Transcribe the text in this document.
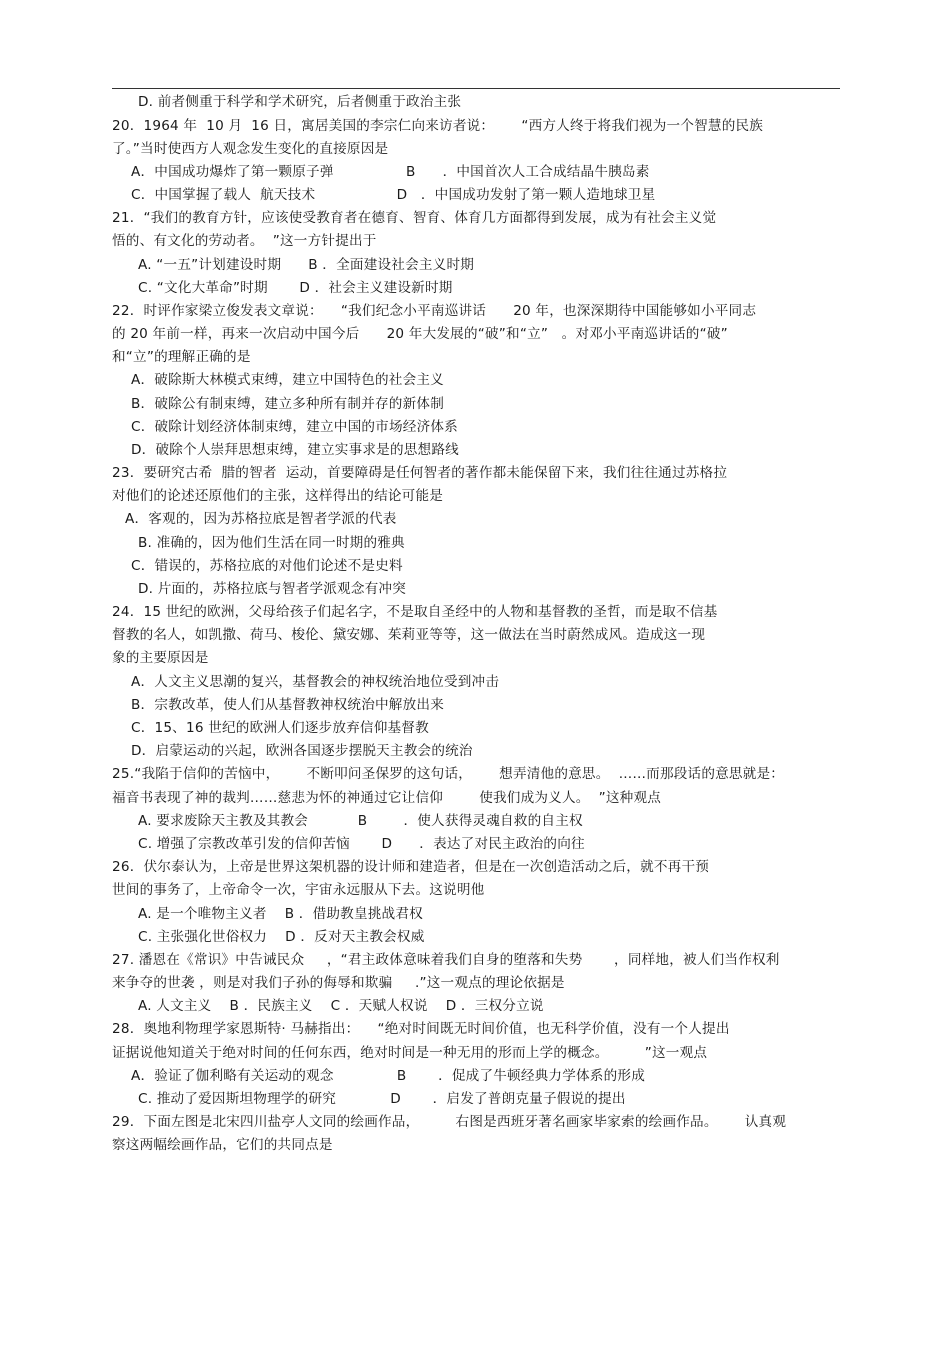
D. 前者侧重于科学和学术研究，后者侧重于政治主张
20．1964 年  10 月  16 日，寓居美国的李宗仁向来访者说：      “西方人终于将我们视为一个智慧的民族
了。”当时使西方人观念发生变化的直接原因是
A．中国成功爆炸了第一颗原子弹                B      ．中国首次人工合成结晶牛胰岛素
C．中国掌握了载人  航天技术                  D   ．中国成功发射了第一颗人造地球卫星
21．“我们的教育方针，应该使受教育者在德育、智育、体育几方面都得到发展，成为有社会主义觉
悟的、有文化的劳动者。  ”这一方针提出于
A. “一五”计划建设时期      B ．全面建设社会主义时期
C. “文化大革命”时期       D ．社会主义建设新时期
22．时评作家梁立俊发表文章说：    “我们纪念小平南巡讲话      20 年，也深深期待中国能够如小平同志
的 20 年前一样，再来一次启动中国今后      20 年大发展的“破”和“立”   。对邓小平南巡讲话的“破”
和“立”的理解正确的是
A．破除斯大林模式束缚，建立中国特色的社会主义
B．破除公有制束缚，建立多种所有制并存的新体制
C．破除计划经济体制束缚，建立中国的市场经济体系
D．破除个人崇拜思想束缚，建立实事求是的思想路线
23．要研究古希  腊的智者  运动，首要障碍是任何智者的著作都未能保留下来，我们往往通过苏格拉
对他们的论述还原他们的主张，这样得出的结论可能是
A．客观的，因为苏格拉底是智者学派的代表
B. 准确的，因为他们生活在同一时期的雅典
C．错误的，苏格拉底的对他们论述不是史料
D. 片面的，苏格拉底与智者学派观念有冲突
24．15 世纪的欧洲，父母给孩子们起名字，不是取自圣经中的人物和基督教的圣哲，而是取不信基
督教的名人，如凯撒、荷马、梭伦、黛安娜、茱莉亚等等，这一做法在当时蔚然成风。造成这一现
象的主要原因是
A．人文主义思潮的复兴，基督教会的神权统治地位受到冲击
B．宗教改革，使人们从基督教神权统治中解放出来
C．15、16 世纪的欧洲人们逐步放弃信仰基督教
D．启蒙运动的兴起，欧洲各国逐步摆脱天主教会的统治
25.“我陷于信仰的苦恼中，      不断叩问圣保罗的这句话，      想弄清他的意思。  ……而那段话的意思就是：
福音书表现了神的裁判……慈悲为怀的神通过它让信仰        使我们成为义人。  ”这种观点
A. 要求废除天主教及其教会           B        ．使人获得灵魂自救的自主权
C. 增强了宗教改革引发的信仰苦恼       D      ．表达了对民主政治的向往
26．伏尔泰认为，上帝是世界这架机器的设计师和建造者，但是在一次创造活动之后，就不再干预
世间的事务了，上帝命令一次，宇宙永远服从下去。这说明他
A. 是一个唯物主义者    B ．借助教皇挑战君权
C. 主张强化世俗权力    D ．反对天主教会权威
27. 潘恩在《常识》中告诫民众     ，“君主政体意味着我们自身的堕落和失势       ，同样地，被人们当作权利
来争夺的世袭 ，则是对我们子孙的侮辱和欺骗     .”这一观点的理论依据是
A. 人文主义    B ．民族主义    C ．天赋人权说    D ．三权分立说
28．奥地利物理学家恩斯特· 马赫指出：    “绝对时间既无时间价值，也无科学价值，没有一个人提出
证据说他知道关于绝对时间的任何东西，绝对时间是一种无用的形而上学的概念。        ”这一观点
A．验证了伽利略有关运动的观念              B       ．促成了牛顿经典力学体系的形成
C. 推动了爱因斯坦物理学的研究            D       ．启发了普朗克量子假说的提出
29．下面左图是北宋四川盐亭人文同的绘画作品，        右图是西班牙著名画家毕家索的绘画作品。      认真观
察这两幅绘画作品，它们的共同点是
